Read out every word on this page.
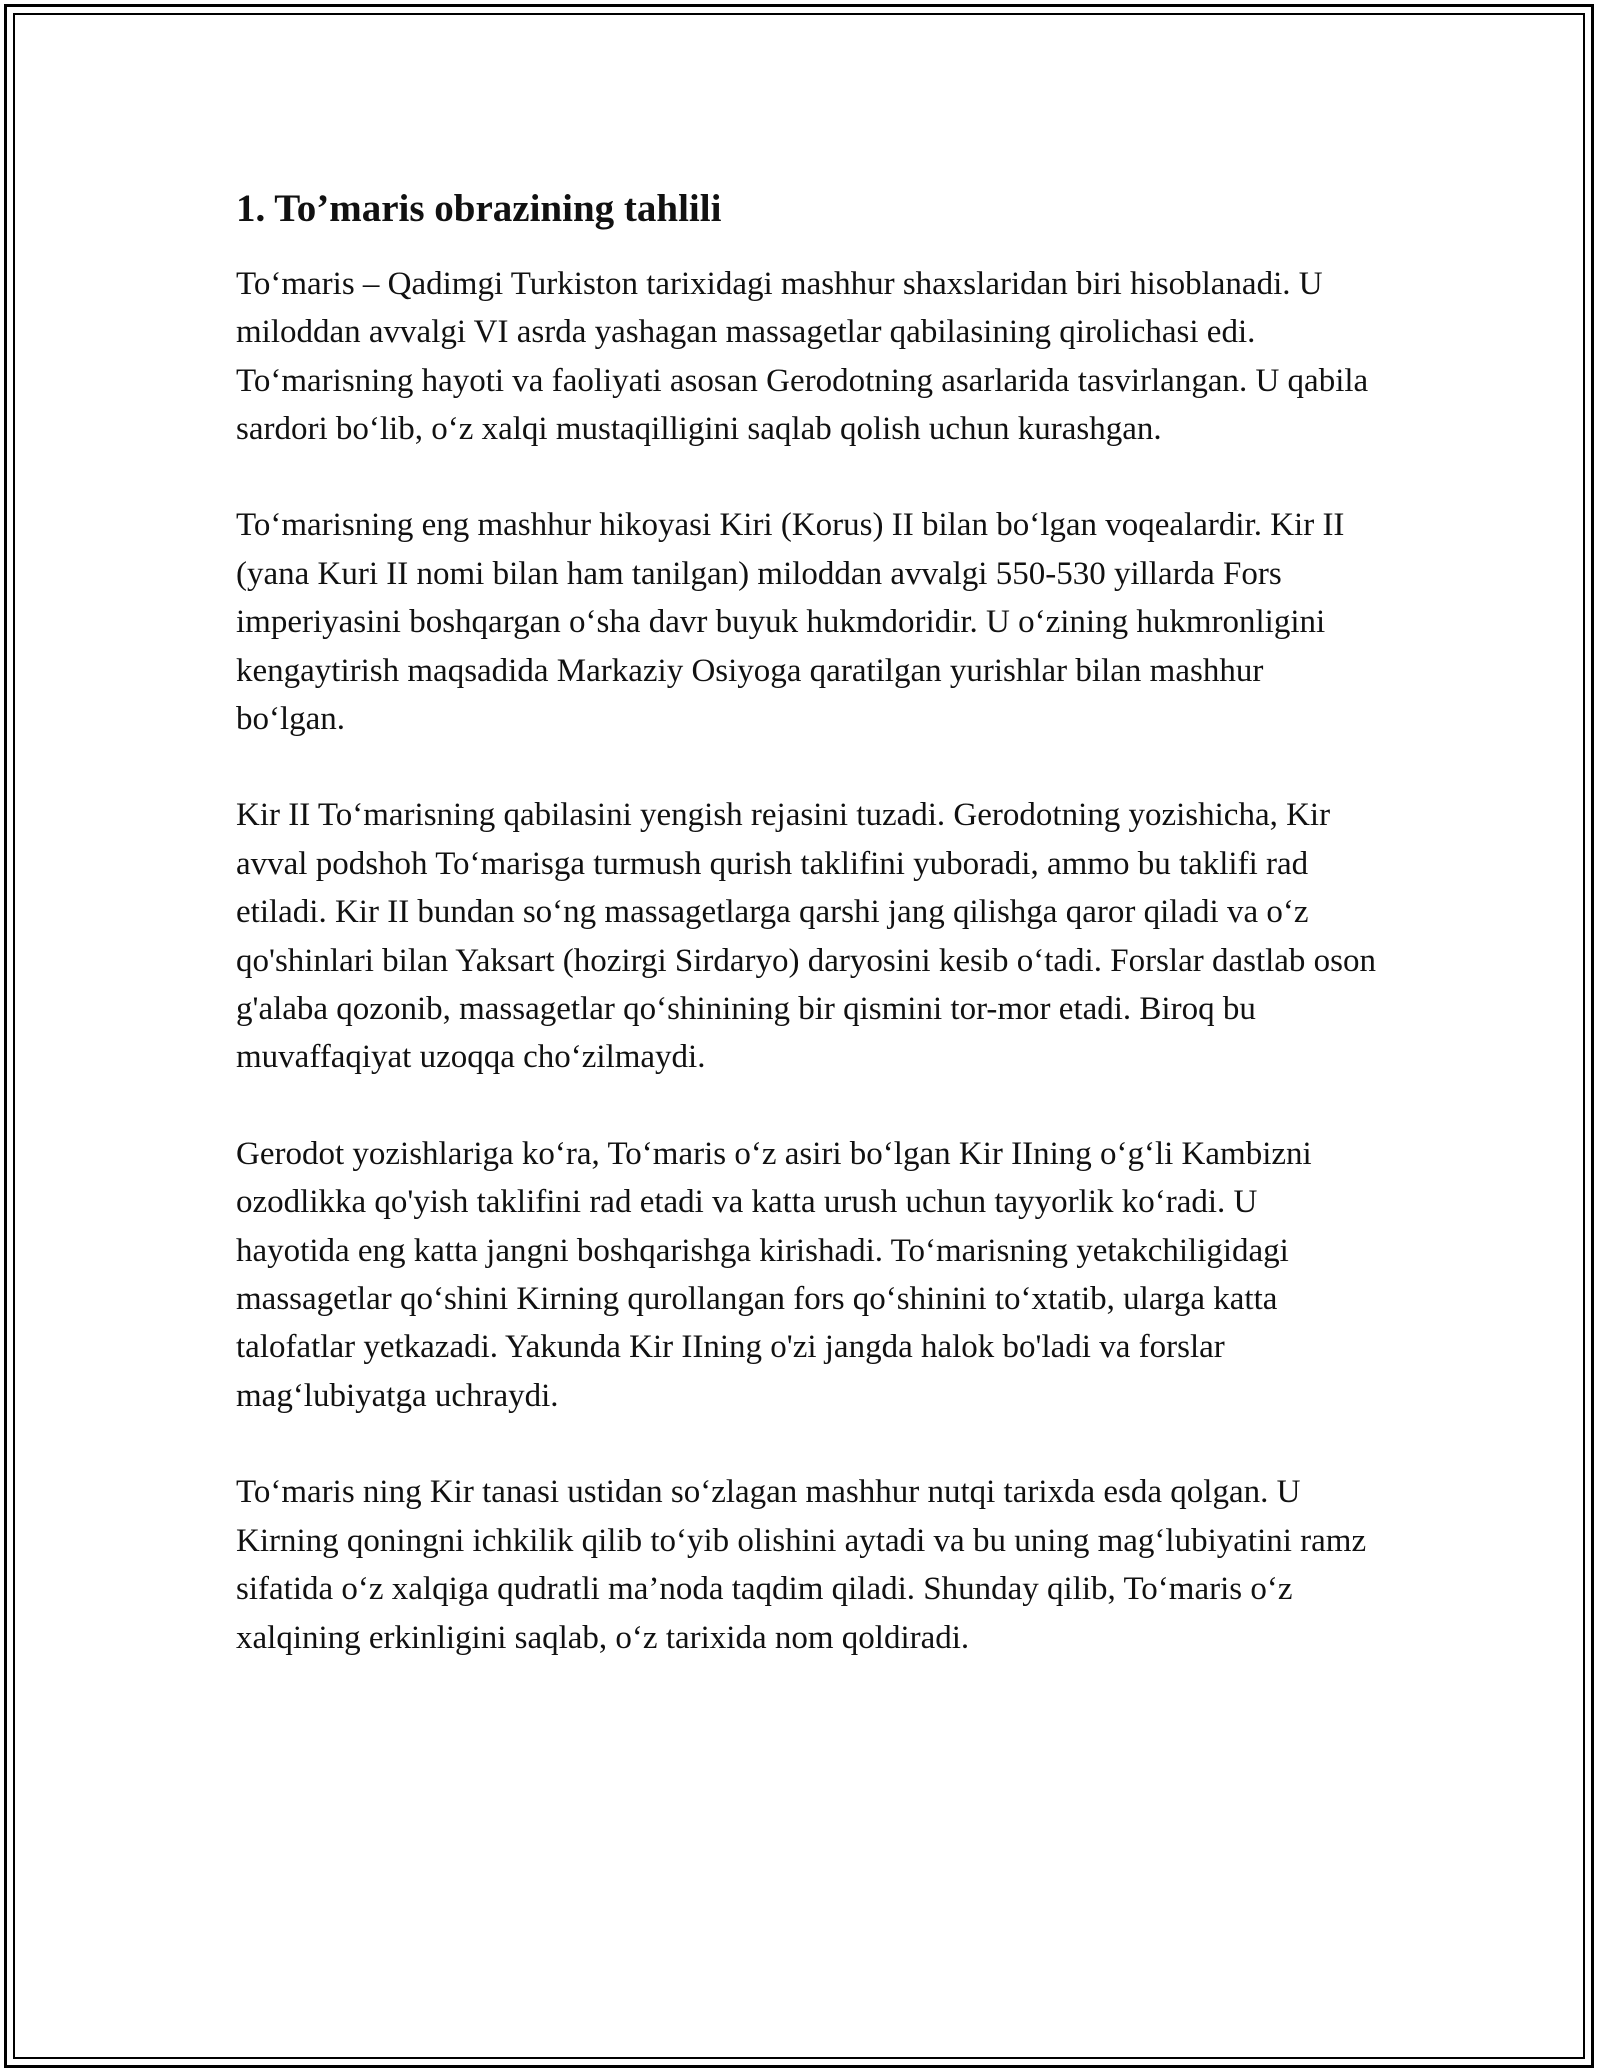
1. To’maris obrazining tahlili

To‘maris – Qadimgi Turkiston tarixidagi mashhur shaxslaridan biri hisoblanadi. U miloddan avvalgi VI asrda yashagan massagetlar qabilasining qirolichasi edi. To‘marisning hayoti va faoliyati asosan Gerodotning asarlarida tasvirlangan. U qabila sardori bo‘lib, o‘z xalqi mustaqilligini saqlab qolish uchun kurashgan.

To‘marisning eng mashhur hikoyasi Kiri (Korus) II bilan bo‘lgan voqealardir. Kir II (yana Kuri II nomi bilan ham tanilgan) miloddan avvalgi 550-530 yillarda Fors imperiyasini boshqargan o‘sha davr buyuk hukmdoridir. U o‘zining hukmronligini kengaytirish maqsadida Markaziy Osiyoga qaratilgan yurishlar bilan mashhur bo‘lgan.

Kir II To‘marisning qabilasini yengish rejasini tuzadi. Gerodotning yozishicha, Kir avval podshoh To‘marisga turmush qurish taklifini yuboradi, ammo bu taklifi rad etiladi. Kir II bundan so‘ng massagetlarga qarshi jang qilishga qaror qiladi va o‘z qo'shinlari bilan Yaksart (hozirgi Sirdaryo) daryosini kesib o‘tadi. Forslar dastlab oson g'alaba qozonib, massagetlar qo‘shinining bir qismini tor-mor etadi. Biroq bu muvaffaqiyat uzoqqa cho‘zilmaydi.

Gerodot yozishlariga ko‘ra, To‘maris o‘z asiri bo‘lgan Kir IIning o‘g‘li Kambizni ozodlikka qo'yish taklifini rad etadi va katta urush uchun tayyorlik ko‘radi. U hayotida eng katta jangni boshqarishga kirishadi. To‘marisning yetakchiligidagi massagetlar qo‘shini Kirning qurollangan fors qo‘shinini to‘xtatib, ularga katta talofatlar yetkazadi. Yakunda Kir IIning o'zi jangda halok bo'ladi va forslar mag‘lubiyatga uchraydi.

To‘maris ning Kir tanasi ustidan so‘zlagan mashhur nutqi tarixda esda qolgan. U Kirning qoningni ichkilik qilib to‘yib olishini aytadi va bu uning mag‘lubiyatini ramz sifatida o‘z xalqiga qudratli ma’noda taqdim qiladi. Shunday qilib, To‘maris o‘z xalqining erkinligini saqlab, o‘z tarixida nom qoldiradi.
